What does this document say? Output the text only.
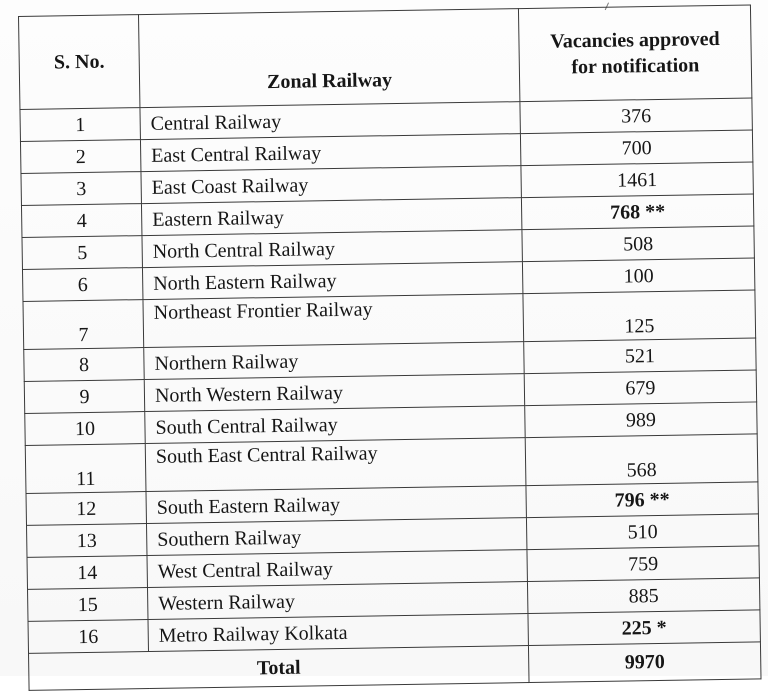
S. No.	Zonal Railway	Vacancies approved
for notification
1	Central Railway	376
2	East Central Railway	700
3	East Coast Railway	1461
4	Eastern Railway	768 **
5	North Central Railway	508
6	North Eastern Railway	100
7	Northeast Frontier Railway	125
8	Northern Railway	521
9	North Western Railway	679
10	South Central Railway	989
11	South East Central Railway	568
12	South Eastern Railway	796 **
13	Southern Railway	510
14	West Central Railway	759
15	Western Railway	885
16	Metro Railway Kolkata	225 *
Total		9970
